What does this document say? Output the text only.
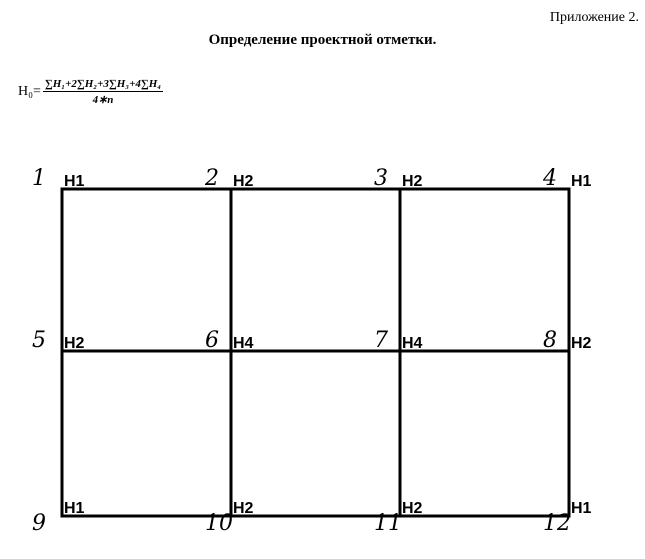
Приложение 2.
Определение проектной отметки.
$H_0= \frac{\text{∑H₁+2∑H₂+3∑H₃+4∑H₄}}{4∗n}$
H1
1	H2
2	H2
3	H1
4
H2
5	H4
6	H4
7	H2
8
H1
9
H2
10
H2
11
H1
12
